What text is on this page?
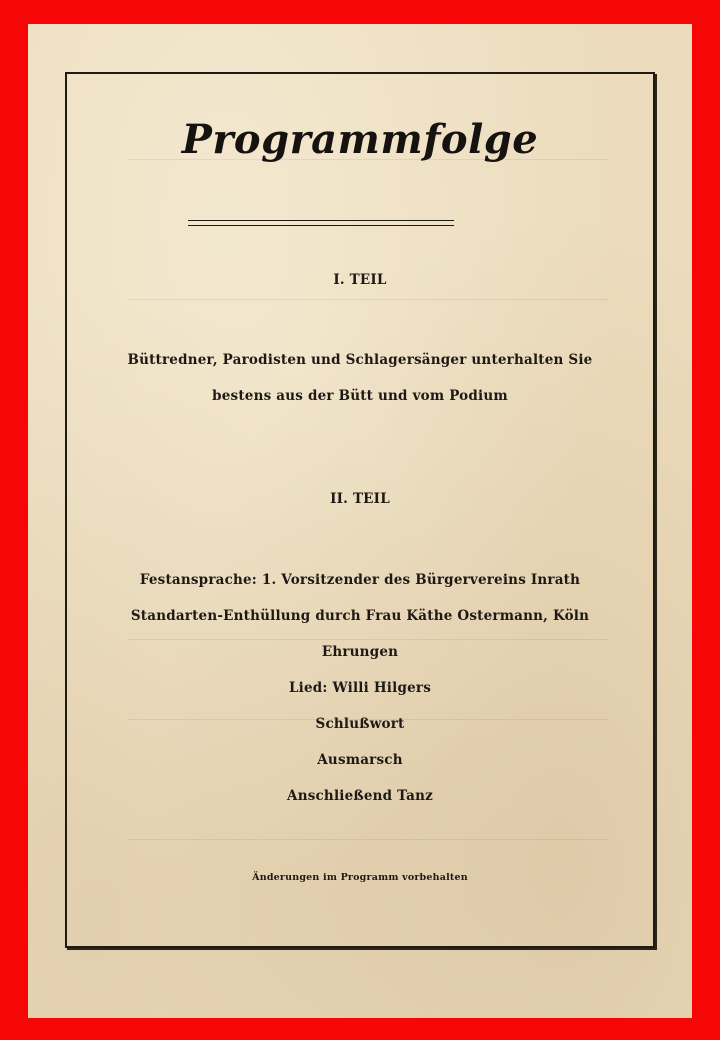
Programmfolge
I. TEIL
Büttredner, Parodisten und Schlagersänger unterhalten Sie
bestens aus der Bütt und vom Podium
II. TEIL
Festansprache: 1. Vorsitzender des Bürgervereins Inrath
Standarten-Enthüllung durch Frau Käthe Ostermann, Köln
Ehrungen
Lied: Willi Hilgers
Schlußwort
Ausmarsch
Anschließend Tanz
Änderungen im Programm vorbehalten
